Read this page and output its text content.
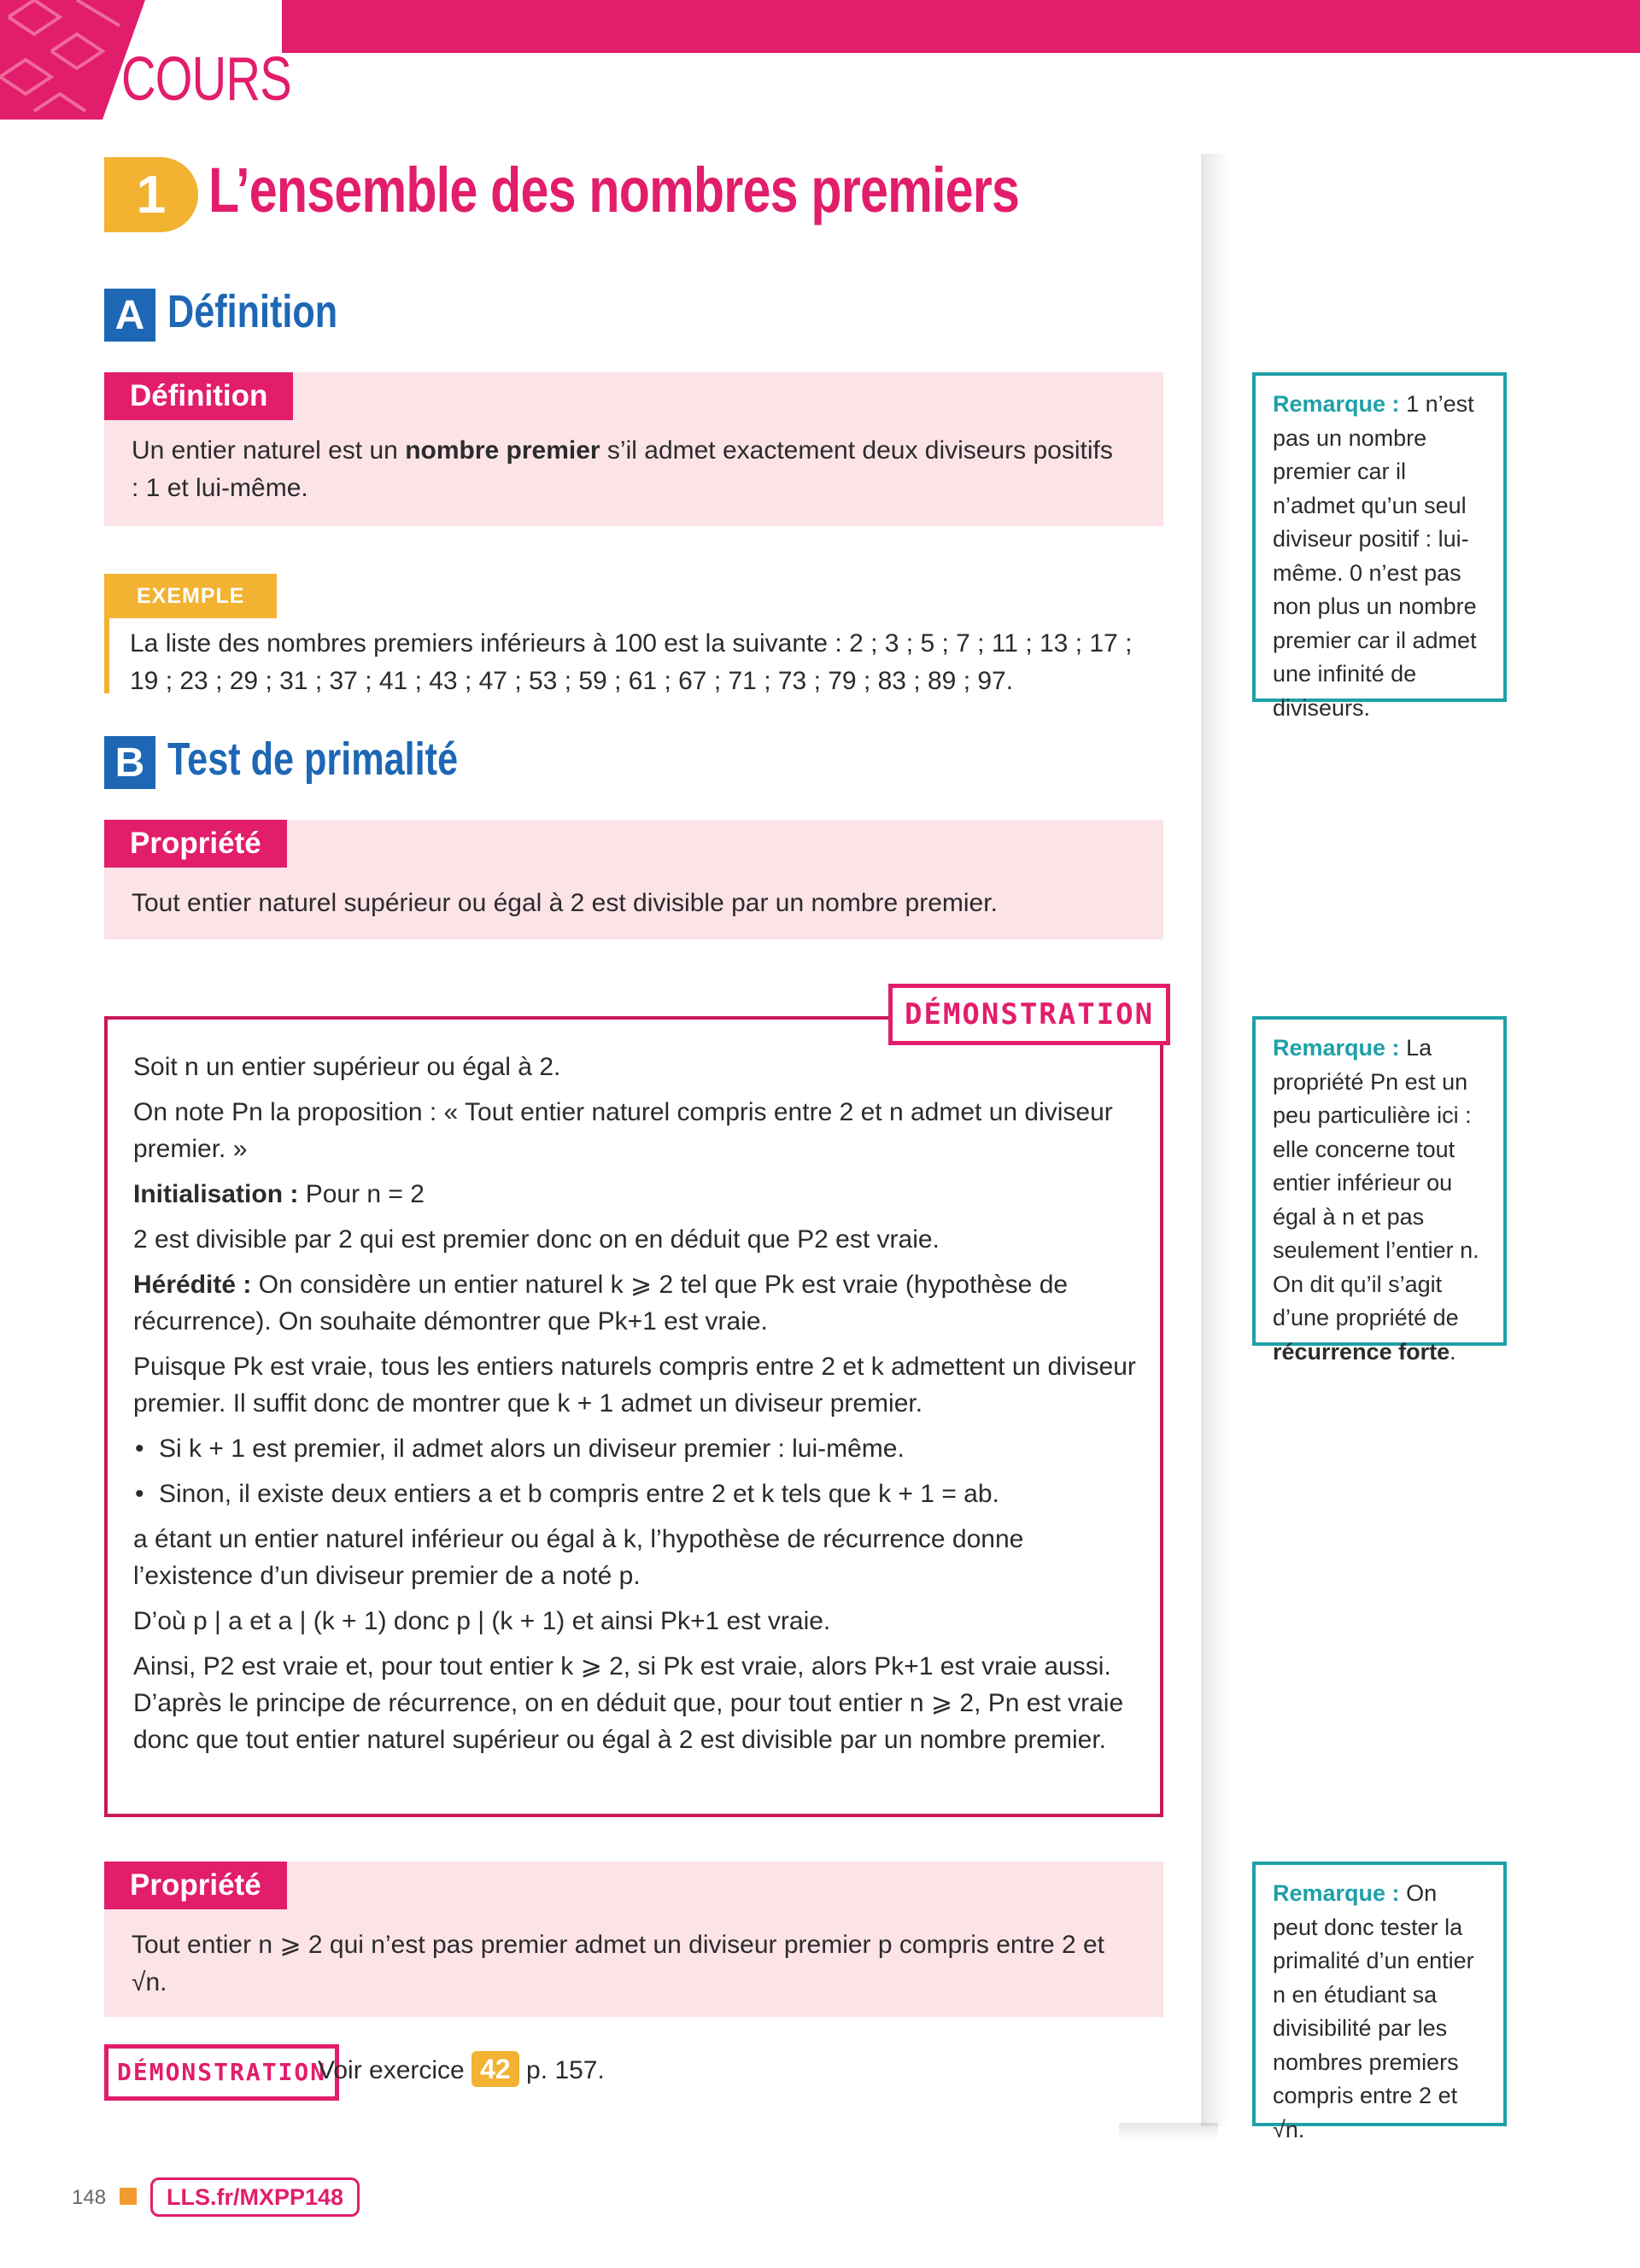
COURS
1 L’ensemble des nombres premiers
A Définition
Définition
Un entier naturel est un nombre premier s’il admet exactement deux diviseurs positifs : 1 et lui-même.
EXEMPLE
La liste des nombres premiers inférieurs à 100 est la suivante : 2 ; 3 ; 5 ; 7 ; 11 ; 13 ; 17 ; 19 ; 23 ; 29 ; 31 ; 37 ; 41 ; 43 ; 47 ; 53 ; 59 ; 61 ; 67 ; 71 ; 73 ; 79 ; 83 ; 89 ; 97.
B Test de primalité
Propriété
Tout entier naturel supérieur ou égal à 2 est divisible par un nombre premier.
DÉMONSTRATION

Soit n un entier supérieur ou égal à 2.

On note Pn la proposition : « Tout entier naturel compris entre 2 et n admet un diviseur premier. »

Initialisation : Pour n = 2

2 est divisible par 2 qui est premier donc on en déduit que P2 est vraie.

Hérédité : On considère un entier naturel k ⩾ 2 tel que Pk est vraie (hypothèse de récurrence). On souhaite démontrer que Pk+1 est vraie.

Puisque Pk est vraie, tous les entiers naturels compris entre 2 et k admettent un diviseur premier. Il suffit donc de montrer que k + 1 admet un diviseur premier.

• Si k + 1 est premier, il admet alors un diviseur premier : lui-même.

• Sinon, il existe deux entiers a et b compris entre 2 et k tels que k + 1 = ab.

a étant un entier naturel inférieur ou égal à k, l’hypothèse de récurrence donne l’existence d’un diviseur premier de a noté p.

D’où p | a et a | (k + 1) donc p | (k + 1) et ainsi Pk+1 est vraie.

Ainsi, P2 est vraie et, pour tout entier k ⩾ 2, si Pk est vraie, alors Pk+1 est vraie aussi. D’après le principe de récurrence, on en déduit que, pour tout entier n ⩾ 2, Pn est vraie donc que tout entier naturel supérieur ou égal à 2 est divisible par un nombre premier.

Propriété
Tout entier n ⩾ 2 qui n’est pas premier admet un diviseur premier p compris entre 2 et √n.
DÉMONSTRATION
Voir exercice 42 p. 157.
Remarque : 1 n’est pas un nombre premier car il n’admet qu’un seul diviseur positif : lui-même. 0 n’est pas non plus un nombre premier car il admet une infinité de diviseurs.
Remarque : La propriété Pn est un peu particulière ici : elle concerne tout entier inférieur ou égal à n et pas seulement l’entier n. On dit qu’il s’agit d’une propriété de récurrence forte.
Remarque : On peut donc tester la primalité d’un entier n en étudiant sa divisibilité par les nombres premiers compris entre 2 et √n.
148	LLS.fr/MXPP148
